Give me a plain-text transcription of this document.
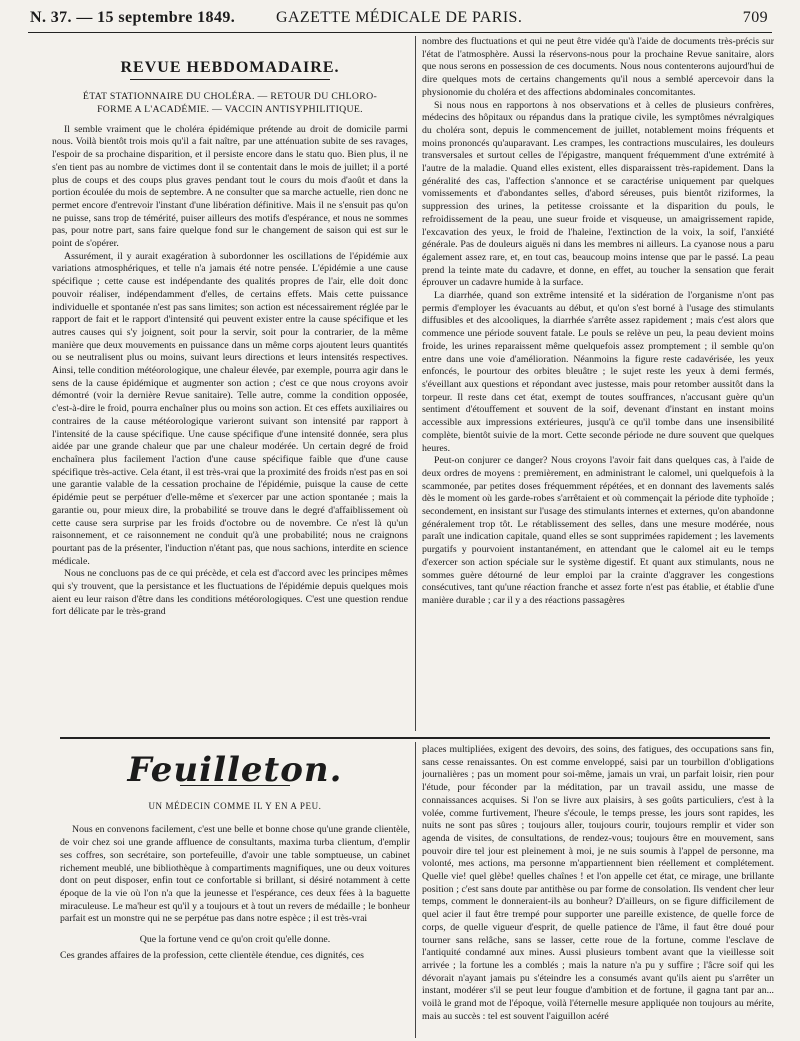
N. 37. — 15 septembre 1849.	GAZETTE MÉDICALE DE PARIS.	709
REVUE HEBDOMADAIRE.
ÉTAT STATIONNAIRE DU CHOLÉRA. — RETOUR DU CHLORO-
FORME A L'ACADÉMIE. — VACCIN ANTISYPHILITIQUE.

Il semble vraiment que le choléra épidémique prétende au droit de domicile parmi nous. Voilà bientôt trois mois qu'il a fait naître, par une atténuation subite de ses ravages, l'espoir de sa prochaine disparition, et il persiste encore dans le statu quo. Bien plus, il ne s'en tient pas au nombre de victimes dont il se contentait dans le mois de juillet; il a porté plus de coups et des coups plus graves pendant tout le cours du mois d'août et dans la portion écoulée du mois de septembre. A ne consulter que sa marche actuelle, rien donc ne permet encore d'entrevoir l'instant d'une libération définitive. Mais il ne s'ensuit pas qu'on ne puisse, sans trop de témérité, puiser ailleurs des motifs d'espérance, et nous ne sommes pas, pour notre part, sans faire quelque fond sur le changement de saison qui est sur le point de s'opérer.

Assurément, il y aurait exagération à subordonner les oscillations de l'épidémie aux variations atmosphériques, et telle n'a jamais été notre pensée. L'épidémie a une cause spécifique ; cette cause est indépendante des qualités propres de l'air, elle doit donc pouvoir réaliser, indépendamment d'elles, de certains effets. Mais cette puissance individuelle et spontanée n'est pas sans limites; son action est nécessairement réglée par le rapport de fait et le rapport d'intensité qui peuvent exister entre la cause spécifique et les autres causes qui s'y joignent, soit pour la servir, soit pour la contrarier, de la même manière que deux mouvements en puissance dans un même corps ajoutent leurs quantités ou se neutralisent plus ou moins, suivant leurs directions et leurs intensités respectives. Ainsi, telle condition météorologique, une chaleur élevée, par exemple, pourra agir dans le sens de la cause épidémique et augmenter son action ; c'est ce que nous croyons avoir démontré (voir la dernière Revue sanitaire). Telle autre, comme la condition opposée, c'est-à-dire le froid, pourra enchaîner plus ou moins son action. Et ces effets auxiliaires ou contraires de la cause météorologique varieront suivant son intensité par rapport à l'intensité de la cause spécifique. Une cause spécifique d'une intensité donnée, sera plus aidée par une grande chaleur que par une chaleur modérée. Un certain degré de froid enchaînera plus facilement l'action d'une cause spécifique faible que d'une cause spécifique très-active. Cela étant, il est très-vrai que la proximité des froids n'est pas en soi une garantie valable de la cessation prochaine de l'épidémie, puisque la cause de cette épidémie peut se perpétuer d'elle-même et s'exercer par une action spontanée ; mais la garantie ou, pour mieux dire, la probabilité se trouve dans le degré d'affaiblissement où cette cause sera surprise par les froids d'octobre ou de novembre. Ce n'est là qu'un raisonnement, et ce raisonnement ne conduit qu'à une probabilité; nous ne craignons pourtant pas de la présenter, l'induction n'étant pas, que nous sachions, interdite en science médicale.

Nous ne concluons pas de ce qui précède, et cela est d'accord avec les principes mêmes qui s'y trouvent, que la persistance et les fluctuations de l'épidémie depuis quelques mois aient eu leur raison d'être dans les conditions météorologiques. C'est une question rendue fort délicate par le très-grand

nombre des fluctuations et qui ne peut être vidée qu'à l'aide de documents très-précis sur l'état de l'atmosphère. Aussi la réservons-nous pour la prochaine Revue sanitaire, alors que nous serons en possession de ces documents. Nous nous contenterons aujourd'hui de dire quelques mots de certains changements qu'il nous a semblé apercevoir dans la physionomie du choléra et des affections abdominales concomitantes.

Si nous nous en rapportons à nos observations et à celles de plusieurs confrères, médecins des hôpitaux ou répandus dans la pratique civile, les symptômes névralgiques du choléra sont, depuis le commencement de juillet, notablement moins fréquents et moins prononcés qu'auparavant. Les crampes, les contractions musculaires, les douleurs transversales et surtout celles de l'épigastre, manquent fréquemment d'une extrémité à l'autre de la maladie. Quand elles existent, elles disparaissent très-rapidement. Dans la généralité des cas, l'affection s'annonce et se caractérise uniquement par quelques vomissements et d'abondantes selles, d'abord séreuses, puis bientôt riziformes, la suppression des urines, la petitesse croissante et la disparition du pouls, le refroidissement de la peau, une sueur froide et visqueuse, un amaigrissement rapide, l'excavation des yeux, le froid de l'haleine, l'extinction de la voix, la soif, l'anxiété générale. Pas de douleurs aiguës ni dans les membres ni ailleurs. La cyanose nous a paru également assez rare, et, en tout cas, beaucoup moins intense que par le passé. La peau prend la teinte mate du cadavre, et donne, en effet, au toucher la sensation que ferait éprouver un cadavre humide à la surface.

La diarrhée, quand son extrême intensité et la sidération de l'organisme n'ont pas permis d'employer les évacuants au début, et qu'on s'est borné à l'usage des stimulants diffusibles et des alcooliques, la diarrhée s'arrête assez rapidement ; mais c'est alors que commence une période souvent fatale. Le pouls se relève un peu, la peau devient moins froide, les urines reparaissent même quelquefois assez promptement ; il semble qu'on entre dans une voie d'amélioration. Néanmoins la figure reste cadavérisée, les yeux enfoncés, le pourtour des orbites bleuâtre ; le sujet reste les yeux à demi fermés, s'éveillant aux questions et répondant avec justesse, mais pour retomber aussitôt dans la torpeur. Il reste dans cet état, exempt de toutes souffrances, n'accusant guère qu'un sentiment d'étouffement et souvent de la soif, devenant d'instant en instant moins accessible aux impressions extérieures, jusqu'à ce qu'il tombe dans une insensibilité complète, bientôt suivie de la mort. Cette seconde période ne dure souvent que quelques heures.

Peut-on conjurer ce danger? Nous croyons l'avoir fait dans quelques cas, à l'aide de deux ordres de moyens : premièrement, en administrant le calomel, uni quelquefois à la scammonée, par petites doses fréquemment répétées, et en donnant des lavements salés dès le moment où les garde-robes s'arrêtaient et où commençait la période dite typhoïde ; secondement, en insistant sur l'usage des stimulants internes et externes, qu'on abandonne généralement trop tôt. Le rétablissement des selles, dans une mesure modérée, nous paraît une indication capitale, quand elles se sont supprimées rapidement ; les lavements purgatifs y pourvoient instantanément, en attendant que le calomel ait eu le temps d'exercer son action spéciale sur le système digestif. Et quant aux stimulants, nous ne sommes guère détourné de leur emploi par la crainte d'aggraver les congestions consécutives, tant qu'une réaction franche et assez forte n'est pas établie, et établie d'une manière durable ; car il y a des réactions passagères

Feuilleton.
UN MÉDECIN COMME IL Y EN A PEU.

Nous en convenons facilement, c'est une belle et bonne chose qu'une grande clientèle, de voir chez soi une grande affluence de consultants, maxima turba clientum, d'emplir ses coffres, son secrétaire, son portefeuille, d'avoir une table somptueuse, un cabinet richement meublé, une bibliothèque à compartiments magnifiques, une ou deux voitures dont on peut disposer, enfin tout ce confortable si brillant, si désiré notamment à cette époque de la vie où l'on n'a que la jeunesse et l'espérance, ces deux fées à la baguette miraculeuse. Le ma'heur est qu'il y a toujours et à tout un revers de médaille ; le bonheur parfait est un monstre qui ne se perpétue pas dans notre espèce ; il est très-vrai

Que la fortune vend ce qu'on croit qu'elle donne.

Ces grandes affaires de la profession, cette clientèle étendue, ces dignités, ces

places multipliées, exigent des devoirs, des soins, des fatigues, des occupations sans fin, sans cesse renaissantes. On est comme enveloppé, saisi par un tourbillon d'obligations journalières ; pas un moment pour soi-même, jamais un vrai, un parfait loisir, rien pour l'étude, pour féconder par la méditation, par un travail assidu, une masse de connaissances acquises. Si l'on se livre aux plaisirs, à ses goûts particuliers, c'est à la volée, comme furtivement, l'heure s'écoule, le temps presse, les jours sont rapides, les nuits ne sont pas sûres ; toujours aller, toujours courir, toujours remplir et vider son agenda de visites, de consultations, de rendez-vous; toujours être en mouvement, sans pouvoir dire tel jour est pleinement à moi, je ne suis soumis à l'appel de personne, ma volonté, mes actions, ma personne m'appartiennent bien réellement et complétement. Quelle vie! quel glèbe! quelles chaînes ! et l'on appelle cet état, ce mirage, une brillante position ; c'est sans doute par antithèse ou par forme de consolation. Ils vendent cher leur temps, comment le donneraient-ils au bonheur? D'ailleurs, on se figure difficilement de quel acier il faut être trempé pour supporter une pareille existence, de quelle force de corps, de quelle vigueur d'esprit, de quelle patience de l'âme, il faut être doué pour tourner sans relâche, sans se lasser, cette roue de la fortune, comme l'esclave de l'antiquité condamné aux mines. Aussi plusieurs tombent avant que la vieillesse soit arrivée ; la fortune les a comblés ; mais la nature n'a pu y suffire ; l'âcre soif qui les dévorait n'ayant jamais pu s'éteindre les a consumés avant qu'ils aient pu s'arrêter un instant, modérer s'il se peut leur fougue d'ambition et de fortune, il gagna tant par an... voilà le grand mot de l'époque, voilà l'éternelle mesure appliquée non toujours au mérite, mais au succès : tel est souvent l'aiguillon acéré
